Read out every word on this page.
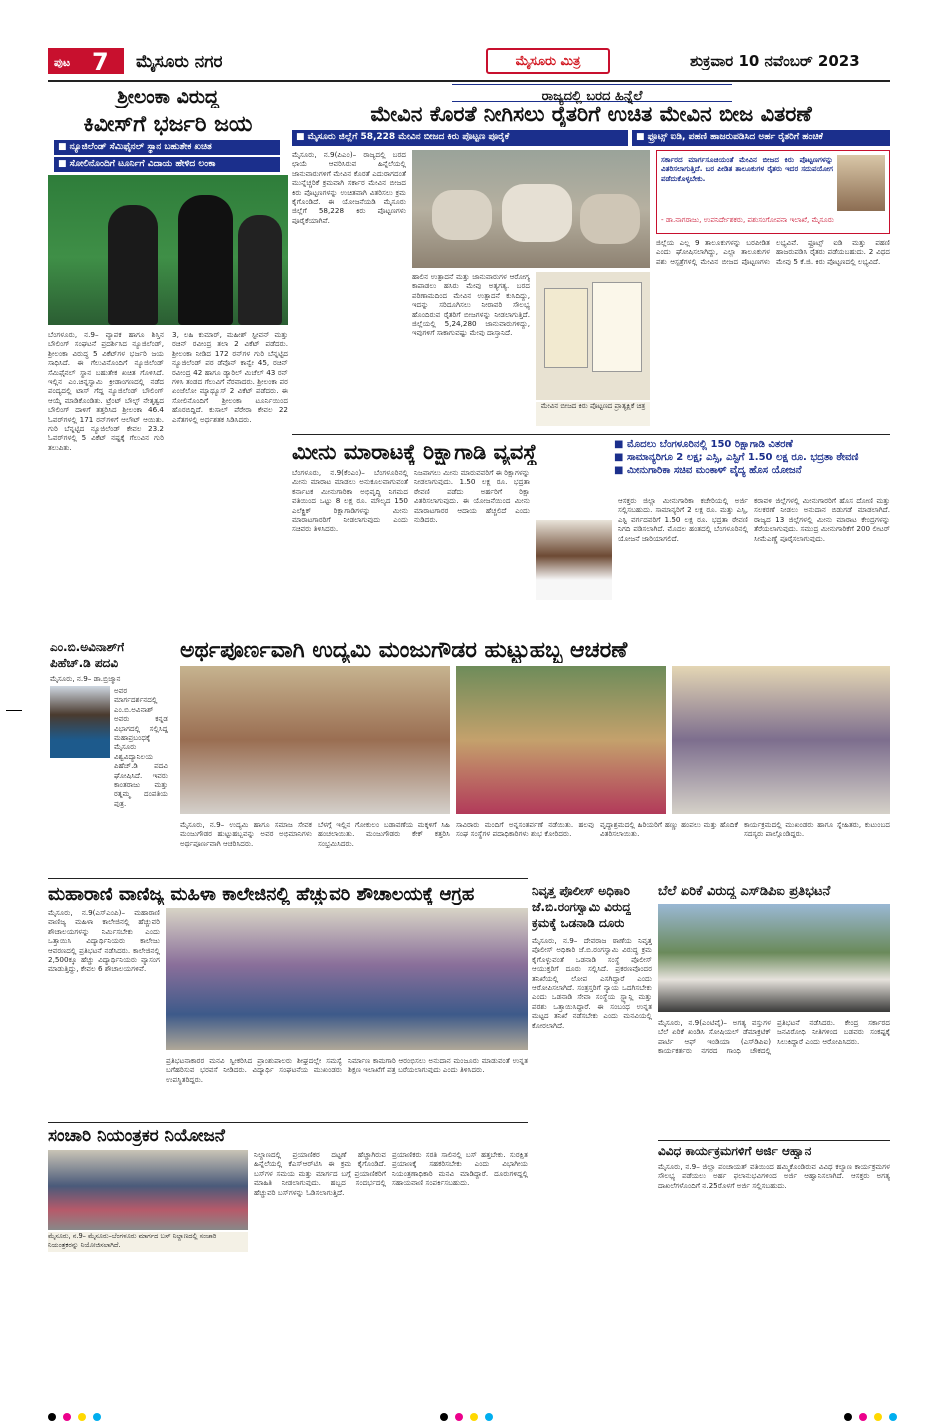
ಪುಟ 7 ಮೈಸೂರು ನಗರ	ಮೈಸೂರು ಮಿತ್ರ	ಶುಕ್ರವಾರ 10 ನವೆಂಬರ್ 2023
ಶ್ರೀಲಂಕಾ ವಿರುದ್ಧ
ಕಿವೀಸ್‌ಗೆ ಭರ್ಜರಿ ಜಯ
■ ನ್ಯೂಜಿಲೆಂಡ್ ಸೆಮಿಫೈನಲ್ ಸ್ಥಾನ ಬಹುತೇಕ ಖಚಿತ
■ ಸೋಲಿನೊಂದಿಗೆ ಟೂರ್ನಿಗೆ ವಿದಾಯ ಹೇಳಿದ ಲಂಕಾ
ಬೆಂಗಳೂರು, ನ.9– ವ್ಯಾಪಕ ಹಾಗೂ ಶಿಸ್ತಿನ ಬೌಲಿಂಗ್ ಸಂಘಟನೆ ಪ್ರದರ್ಶಿಸಿದ ನ್ಯೂಜಿಲೆಂಡ್, ಶ್ರೀಲಂಕಾ ವಿರುದ್ಧ 5 ವಿಕೆಟ್‌ಗಳ ಭರ್ಜರಿ ಜಯ ಸಾಧಿಸಿದೆ. ಈ ಗೆಲುವಿನೊಂದಿಗೆ ನ್ಯೂಜಿಲೆಂಡ್ ಸೆಮಿಫೈನಲ್ ಸ್ಥಾನ ಬಹುತೇಕ ಖಚಿತ ಗೊಳಿಸಿದೆ. ಇಲ್ಲಿನ ಎಂ.ಚಿನ್ನಸ್ವಾಮಿ ಕ್ರೀಡಾಂಗಣದಲ್ಲಿ ನಡೆದ ಪಂದ್ಯದಲ್ಲಿ ಟಾಸ್ ಗೆದ್ದ ನ್ಯೂಜಿಲೆಂಡ್ ಬೌಲಿಂಗ್ ಆಯ್ಕೆ ಮಾಡಿಕೊಂಡಿತು. ಟ್ರೆಂಟ್ ಬೌಲ್ಟ್ ನೇತೃತ್ವದ ಬೌಲಿಂಗ್ ದಾಳಿಗೆ ತತ್ತರಿಸಿದ ಶ್ರೀಲಂಕಾ 46.4 ಓವರ್‌ಗಳಲ್ಲಿ 171 ರನ್‌ಗಳಿಗೆ ಆಲೌಟ್ ಆಯಿತು. ಗುರಿ ಬೆನ್ನಟ್ಟಿದ ನ್ಯೂಜಿಲೆಂಡ್ ಕೇವಲ 23.2 ಓವರ್‌ಗಳಲ್ಲಿ 5 ವಿಕೆಟ್ ನಷ್ಟಕ್ಕೆ ಗೆಲುವಿನ ಗುರಿ ತಲುಪಿತು.
3, ಲಹಿ ಕುಮಾರ್, ಮಹೀಶ್ ಸ್ಟೀವನ್ ಮತ್ತು ರಚಿನ್ ರವೀಂದ್ರ ತಲಾ 2 ವಿಕೆಟ್ ಪಡೆದರು. ಶ್ರೀಲಂಕಾ ನೀಡಿದ 172 ರನ್‌ಗಳ ಗುರಿ ಬೆನ್ನಟ್ಟಿದ ನ್ಯೂಜಿಲೆಂಡ್ ಪರ ಡೆವೊನ್ ಕಾನ್ವೇ 45, ರಚಿನ್ ರವೀಂದ್ರ 42 ಹಾಗೂ ಡ್ಯಾರಿಲ್ ಮಿಚೆಲ್ 43 ರನ್ ಗಳಿಸಿ ತಂಡದ ಗೆಲುವಿಗೆ ನೆರವಾದರು. ಶ್ರೀಲಂಕಾ ಪರ ಏಂಜೆಲೋ ಮ್ಯಾಥ್ಯೂಸ್ 2 ವಿಕೆಟ್ ಪಡೆದರು. ಈ ಸೋಲಿನೊಂದಿಗೆ ಶ್ರೀಲಂಕಾ ಟೂರ್ನಿಯಿಂದ ಹೊರಬಿದ್ದಿದೆ. ಕುಸಾಲ್ ಪೆರೇರಾ ಕೇವಲ 22 ಎಸೆತಗಳಲ್ಲಿ ಅರ್ಧಶತಕ ಸಿಡಿಸಿದರು.
ರಾಜ್ಯದಲ್ಲಿ ಬರದ ಹಿನ್ನೆಲೆ
ಮೇವಿನ ಕೊರತೆ ನೀಗಿಸಲು ರೈತರಿಗೆ ಉಚಿತ ಮೇವಿನ ಬೀಜ ವಿತರಣೆ
■ ಮೈಸೂರು ಜಿಲ್ಲೆಗೆ 58,228 ಮೇವಿನ ಬೀಜದ ಕಿರು ಪೊಟ್ಟಣ ಪೂರೈಕೆ	■ ಫ್ರೂಟ್ಸ್ ಐಡಿ, ಪಹಣಿ ಹಾಜರುಪಡಿಸಿದ ಅರ್ಹ ರೈತರಿಗೆ ಹಂಚಿಕೆ
ಮೈಸೂರು, ನ.9(ಪಿಎಂ)– ರಾಜ್ಯದಲ್ಲಿ ಬರದ ಛಾಯೆ ಆವರಿಸಿರುವ ಹಿನ್ನೆಲೆಯಲ್ಲಿ ಜಾನುವಾರುಗಳಿಗೆ ಮೇವಿನ ಕೊರತೆ ಎದುರಾಗದಂತೆ ಮುನ್ನೆಚ್ಚರಿಕೆ ಕ್ರಮವಾಗಿ ಸರ್ಕಾರ ಮೇವಿನ ಬೀಜದ ಕಿರು ಪೊಟ್ಟಣಗಳನ್ನು ಉಚಿತವಾಗಿ ವಿತರಿಸಲು ಕ್ರಮ ಕೈಗೊಂಡಿದೆ. ಈ ಯೋಜನೆಯಡಿ ಮೈಸೂರು ಜಿಲ್ಲೆಗೆ 58,228 ಕಿರು ಪೊಟ್ಟಣಗಳು ಪೂರೈಕೆಯಾಗಿವೆ.
ಹಾಲಿನ ಉತ್ಪಾದನೆ ಮತ್ತು ಜಾನುವಾರುಗಳ ಆರೋಗ್ಯ ಕಾಪಾಡಲು ಹಸಿರು ಮೇವು ಅತ್ಯಗತ್ಯ. ಬರದ ಪರಿಣಾಮದಿಂದ ಮೇವಿನ ಉತ್ಪಾದನೆ ಕುಸಿದಿದ್ದು, ಇದನ್ನು ಸರಿದೂಗಿಸಲು ನೀರಾವರಿ ಸೌಲಭ್ಯ ಹೊಂದಿರುವ ರೈತರಿಗೆ ಬೀಜಗಳನ್ನು ನೀಡಲಾಗುತ್ತಿದೆ. ಜಿಲ್ಲೆಯಲ್ಲಿ 5,24,280 ಜಾನುವಾರುಗಳಿದ್ದು, ಇವುಗಳಿಗೆ ಸಾಕಾಗುವಷ್ಟು ಮೇವು ದಾಸ್ತಾನಿದೆ.
ಮೇವಿನ ಬೀಜದ ಕಿರು ಪೊಟ್ಟಣದ ಪ್ರಾತ್ಯಕ್ಷಿಕೆ ಚಿತ್ರ
ಸರ್ಕಾರದ ಮಾರ್ಗಸೂಚಿಯಂತೆ ಮೇವಿನ ಬೀಜದ ಕಿರು ಪೊಟ್ಟಣಗಳನ್ನು ವಿತರಿಸಲಾಗುತ್ತಿದೆ. ಬರ ಪೀಡಿತ ತಾಲೂಕುಗಳ ರೈತರು ಇದರ ಸದುಪಯೋಗ ಪಡೆದುಕೊಳ್ಳಬೇಕು.
- ಡಾ.ನಾಗರಾಜು, ಉಪನಿರ್ದೇಶಕರು, ಪಶುಸಂಗೋಪನಾ ಇಲಾಖೆ, ಮೈಸೂರು
ಜಿಲ್ಲೆಯ ಎಲ್ಲ 9 ತಾಲೂಕುಗಳನ್ನು ಬರಪೀಡಿತ ಎಂದು ಘೋಷಿಸಲಾಗಿದ್ದು, ಎಲ್ಲಾ ತಾಲೂಕುಗಳ ಪಶು ಆಸ್ಪತ್ರೆಗಳಲ್ಲಿ ಮೇವಿನ ಬೀಜದ ಪೊಟ್ಟಣಗಳು ಲಭ್ಯವಿವೆ. ಫ್ರೂಟ್ಸ್ ಐಡಿ ಮತ್ತು ಪಹಣಿ ಹಾಜರುಪಡಿಸಿ ರೈತರು ಪಡೆಯಬಹುದು. 2 ವಿಧದ ಮೇವು 5 ಕೆ.ಜಿ. ಕಿರು ಪೊಟ್ಟಣದಲ್ಲಿ ಲಭ್ಯವಿದೆ.
ಮೀನು ಮಾರಾಟಕ್ಕೆ ರಿಕ್ಷಾಗಾಡಿ ವ್ಯವಸ್ಥೆ	■ ಮೊದಲು ಬೆಂಗಳೂರಿನಲ್ಲಿ 150 ರಿಕ್ಷಾಗಾಡಿ ವಿತರಣೆ
■ ಸಾಮಾನ್ಯರಿಗೂ 2 ಲಕ್ಷ; ಎಸ್ಸಿ, ಎಸ್ಟಿಗೆ 1.50 ಲಕ್ಷ ರೂ. ಭದ್ರತಾ ಠೇವಣಿ
■ ಮೀನುಗಾರಿಕಾ ಸಚಿವ ಮಂಕಾಳ್ ವೈದ್ಯ ಹೊಸ ಯೋಜನೆ
ಬೆಂಗಳೂರು, ನ.9(ಕೆಂಎಂ)– ಬೆಂಗಳೂರಿನಲ್ಲಿ ಮೀನು ಮಾರಾಟ ಮಾಡಲು ಅನುಕೂಲವಾಗುವಂತೆ ಕರ್ನಾಟಕ ಮೀನುಗಾರಿಕಾ ಅಭಿವೃದ್ಧಿ ನಿಗಮದ ವತಿಯಿಂದ ಒಟ್ಟು 8 ಲಕ್ಷ ರೂ. ಮೌಲ್ಯದ 150 ಎಲೆಕ್ಟ್ರಿಕ್ ರಿಕ್ಷಾಗಾಡಿಗಳನ್ನು ಮೀನು ಮಾರಾಟಗಾರರಿಗೆ ನೀಡಲಾಗುವುದು ಎಂದು ಸಚಿವರು ತಿಳಿಸಿದರು.
ನಿಜವಾಗಲು ಮೀನು ಮಾರುವವರಿಗೆ ಈ ರಿಕ್ಷಾಗಳನ್ನು ನೀಡಲಾಗುವುದು. 1.50 ಲಕ್ಷ ರೂ. ಭದ್ರತಾ ಠೇವಣಿ ಪಡೆದು ಅರ್ಹರಿಗೆ ರಿಕ್ಷಾ ವಿತರಿಸಲಾಗುವುದು. ಈ ಯೋಜನೆಯಿಂದ ಮೀನು ಮಾರಾಟಗಾರರ ಆದಾಯ ಹೆಚ್ಚಲಿದೆ ಎಂದು ನುಡಿದರು.
ಆಸಕ್ತರು ಜಿಲ್ಲಾ ಮೀನುಗಾರಿಕಾ ಕಚೇರಿಯಲ್ಲಿ ಅರ್ಜಿ ಸಲ್ಲಿಸಬಹುದು. ಸಾಮಾನ್ಯರಿಗೆ 2 ಲಕ್ಷ ರೂ. ಮತ್ತು ಎಸ್ಸಿ, ಎಸ್ಟಿ ವರ್ಗದವರಿಗೆ 1.50 ಲಕ್ಷ ರೂ. ಭದ್ರತಾ ಠೇವಣಿ ನಿಗದಿ ಪಡಿಸಲಾಗಿದೆ. ಮೊದಲ ಹಂತದಲ್ಲಿ ಬೆಂಗಳೂರಿನಲ್ಲಿ ಯೋಜನೆ ಜಾರಿಯಾಗಲಿದೆ.
ಕರಾವಳಿ ಜಿಲ್ಲೆಗಳಲ್ಲಿ ಮೀನುಗಾರರಿಗೆ ಹೊಸ ದೋಣಿ ಮತ್ತು ಸಲಕರಣೆ ನೀಡಲು ಅನುದಾನ ಬಿಡುಗಡೆ ಮಾಡಲಾಗಿದೆ. ರಾಜ್ಯದ 13 ಜಿಲ್ಲೆಗಳಲ್ಲಿ ಮೀನು ಮಾರಾಟ ಕೇಂದ್ರಗಳನ್ನು ತೆರೆಯಲಾಗುವುದು. ಸಮುದ್ರ ಮೀನುಗಾರಿಕೆಗೆ 200 ಲೀಟರ್ ಸೀಮೆಎಣ್ಣೆ ಪೂರೈಸಲಾಗುವುದು.
ಎಂ.ಬಿ.ಅವಿನಾಶ್‌ಗೆ
ಪಿಹೆಚ್.ಡಿ ಪದವಿ
ಮೈಸೂರು, ನ.9– ಡಾ.ಬ್ರಿಜ್ಮಾನ
ಅವರ ಮಾರ್ಗದರ್ಶನದಲ್ಲಿ ಎಂ.ಬಿ.ಅವಿನಾಶ್ ಅವರು ಕನ್ನಡ ವಿಭಾಗದಲ್ಲಿ ಸಲ್ಲಿಸಿದ್ದ ಮಹಾಪ್ರಬಂಧಕ್ಕೆ ಮೈಸೂರು ವಿಶ್ವವಿದ್ಯಾನಿಲಯ ಪಿಹೆಚ್.ಡಿ ಪದವಿ ಘೋಷಿಸಿದೆ. ಇವರು ಕಾಂತರಾಜು ಮತ್ತು ರತ್ನಮ್ಮ ದಂಪತಿಯ ಪುತ್ರ.
ಅರ್ಥಪೂರ್ಣವಾಗಿ ಉದ್ಯಮಿ ಮಂಜುಗೌಡರ ಹುಟ್ಟುಹಬ್ಬ ಆಚರಣೆ
ಮೈಸೂರು, ನ.9– ಉದ್ಯಮಿ ಹಾಗೂ ಸಮಾಜ ಸೇವಕ ಮಂಜುಗೌಡರ ಹುಟ್ಟುಹಬ್ಬವನ್ನು ಅವರ ಅಭಿಮಾನಿಗಳು ಅರ್ಥಪೂರ್ಣವಾಗಿ ಆಚರಿಸಿದರು.
ಬೆಳಗ್ಗೆ ಇಲ್ಲಿನ ಗೋಕುಲಂ ಬಡಾವಣೆಯ ಮಕ್ಕಳಿಗೆ ಸಿಹಿ ಹಂಚಲಾಯಿತು. ಮಂಜುಗೌಡರು ಕೇಕ್ ಕತ್ತರಿಸಿ ಸಂಭ್ರಮಿಸಿದರು.
ಸಾವಿರಾರು ಮಂದಿಗೆ ಅನ್ನಸಂತರ್ಪಣೆ ನಡೆಯಿತು. ಹಲವು ಸಂಘ ಸಂಸ್ಥೆಗಳ ಪದಾಧಿಕಾರಿಗಳು ಶುಭ ಕೋರಿದರು.
ವೃದ್ಧಾಶ್ರಮದಲ್ಲಿ ಹಿರಿಯರಿಗೆ ಹಣ್ಣು ಹಂಪಲು ಮತ್ತು ಹೊದಿಕೆ ವಿತರಿಸಲಾಯಿತು.
ಕಾರ್ಯಕ್ರಮದಲ್ಲಿ ಮುಖಂಡರು ಹಾಗೂ ಸ್ನೇಹಿತರು, ಕುಟುಂಬದ ಸದಸ್ಯರು ಪಾಲ್ಗೊಂಡಿದ್ದರು.
ಮಹಾರಾಣಿ ವಾಣಿಜ್ಯ ಮಹಿಳಾ ಕಾಲೇಜಿನಲ್ಲಿ ಹೆಚ್ಚುವರಿ ಶೌಚಾಲಯಕ್ಕೆ ಆಗ್ರಹ
ಮೈಸೂರು, ನ.9(ಎಸ್‌ಎಂಪಿ)– ಮಹಾರಾಣಿ ವಾಣಿಜ್ಯ ಮಹಿಳಾ ಕಾಲೇಜಿನಲ್ಲಿ ಹೆಚ್ಚುವರಿ ಶೌಚಾಲಯಗಳನ್ನು ನಿರ್ಮಿಸಬೇಕು ಎಂದು ಒತ್ತಾಯಿಸಿ ವಿದ್ಯಾರ್ಥಿನಿಯರು ಕಾಲೇಜು ಆವರಣದಲ್ಲಿ ಪ್ರತಿಭಟನೆ ನಡೆಸಿದರು. ಕಾಲೇಜಿನಲ್ಲಿ 2,500ಕ್ಕೂ ಹೆಚ್ಚು ವಿದ್ಯಾರ್ಥಿನಿಯರು ವ್ಯಾಸಂಗ ಮಾಡುತ್ತಿದ್ದು, ಕೇವಲ 6 ಶೌಚಾಲಯಗಳಿವೆ.
ಪ್ರತಿಭಟನಾಕಾರರ ಮನವಿ ಸ್ವೀಕರಿಸಿದ ಪ್ರಾಂಶುಪಾಲರು ಶೀಘ್ರದಲ್ಲೇ ಸಮಸ್ಯೆ ಬಗೆಹರಿಸುವ ಭರವಸೆ ನೀಡಿದರು. ವಿದ್ಯಾರ್ಥಿ ಸಂಘಟನೆಯ ಮುಖಂಡರು ಉಪಸ್ಥಿತರಿದ್ದರು.
ನಿರ್ಮಾಣ ಕಾಮಗಾರಿ ಆರಂಭಿಸಲು ಅನುದಾನ ಮಂಜೂರು ಮಾಡುವಂತೆ ಉನ್ನತ ಶಿಕ್ಷಣ ಇಲಾಖೆಗೆ ಪತ್ರ ಬರೆಯಲಾಗುವುದು ಎಂದು ತಿಳಿಸಿದರು.
ನಿವೃತ್ತ ಪೊಲೀಸ್ ಅಧಿಕಾರಿ
ಜೆ.ಬಿ.ರಂಗಸ್ವಾಮಿ ವಿರುದ್ಧ
ಕ್ರಮಕ್ಕೆ ಒಡನಾಡಿ ದೂರು
ಮೈಸೂರು, ನ.9– ದೇವರಾಜ ಠಾಣೆಯ ನಿವೃತ್ತ ಪೊಲೀಸ್ ಅಧಿಕಾರಿ ಜೆ.ಬಿ.ರಂಗಸ್ವಾಮಿ ವಿರುದ್ಧ ಕ್ರಮ ಕೈಗೊಳ್ಳುವಂತೆ ಒಡನಾಡಿ ಸಂಸ್ಥೆ ಪೊಲೀಸ್ ಆಯುಕ್ತರಿಗೆ ದೂರು ಸಲ್ಲಿಸಿದೆ. ಪ್ರಕರಣವೊಂದರ ತನಿಖೆಯಲ್ಲಿ ಲೋಪ ಎಸಗಿದ್ದಾರೆ ಎಂದು ಆರೋಪಿಸಲಾಗಿದೆ. ಸಂತ್ರಸ್ತರಿಗೆ ನ್ಯಾಯ ಒದಗಿಸಬೇಕು ಎಂದು ಒಡನಾಡಿ ಸೇವಾ ಸಂಸ್ಥೆಯ ಸ್ಟ್ಯಾನ್ಲಿ ಮತ್ತು ಪರಶು ಒತ್ತಾಯಿಸಿದ್ದಾರೆ. ಈ ಸಂಬಂಧ ಉನ್ನತ ಮಟ್ಟದ ತನಿಖೆ ನಡೆಸಬೇಕು ಎಂದು ಮನವಿಯಲ್ಲಿ ಕೋರಲಾಗಿದೆ.
ಬೆಲೆ ಏರಿಕೆ ವಿರುದ್ಧ ಎಸ್‌ಡಿಪಿಐ ಪ್ರತಿಭಟನೆ
ಮೈಸೂರು, ನ.9(ಎಂಟಿವೈ)– ಅಗತ್ಯ ವಸ್ತುಗಳ ಬೆಲೆ ಏರಿಕೆ ಖಂಡಿಸಿ ಸೋಷಿಯಲ್ ಡೆಮಾಕ್ರಟಿಕ್ ಪಾರ್ಟಿ ಆಫ್ ಇಂಡಿಯಾ (ಎಸ್‌ಡಿಪಿಐ) ಕಾರ್ಯಕರ್ತರು ನಗರದ ಗಾಂಧಿ ಚೌಕದಲ್ಲಿ ಪ್ರತಿಭಟನೆ ನಡೆಸಿದರು. ಕೇಂದ್ರ ಸರ್ಕಾರದ ಜನವಿರೋಧಿ ನೀತಿಗಳಿಂದ ಬಡವರು ಸಂಕಷ್ಟಕ್ಕೆ ಸಿಲುಕಿದ್ದಾರೆ ಎಂದು ಆರೋಪಿಸಿದರು.
ವಿವಿಧ ಕಾರ್ಯಕ್ರಮಗಳಿಗೆ ಅರ್ಜಿ ಆಹ್ವಾನ
ಮೈಸೂರು, ನ.9– ಜಿಲ್ಲಾ ಪಂಚಾಯತ್ ವತಿಯಿಂದ ಹಮ್ಮಿಕೊಂಡಿರುವ ವಿವಿಧ ಕಲ್ಯಾಣ ಕಾರ್ಯಕ್ರಮಗಳ ಸೌಲಭ್ಯ ಪಡೆಯಲು ಅರ್ಹ ಫಲಾನುಭವಿಗಳಿಂದ ಅರ್ಜಿ ಆಹ್ವಾನಿಸಲಾಗಿದೆ. ಆಸಕ್ತರು ಅಗತ್ಯ ದಾಖಲೆಗಳೊಂದಿಗೆ ನ.25ರೊಳಗೆ ಅರ್ಜಿ ಸಲ್ಲಿಸಬಹುದು.
ಸಂಚಾರಿ ನಿಯಂತ್ರಕರ ನಿಯೋಜನೆ
ಮೈಸೂರು, ನ.9– ಮೈಸೂರು–ಬೆಂಗಳೂರು ಮಾರ್ಗದ ಬಸ್ ನಿಲ್ದಾಣದಲ್ಲಿ ಸಂಚಾರಿ ನಿಯಂತ್ರಕರನ್ನು ನಿಯೋಜಿಸಲಾಗಿದೆ.
ನಿಲ್ದಾಣದಲ್ಲಿ ಪ್ರಯಾಣಿಕರ ದಟ್ಟಣೆ ಹೆಚ್ಚಾಗಿರುವ ಹಿನ್ನೆಲೆಯಲ್ಲಿ ಕೆಎಸ್‌ಆರ್‌ಟಿಸಿ ಈ ಕ್ರಮ ಕೈಗೊಂಡಿದೆ. ಬಸ್‌ಗಳ ಸಮಯ ಮತ್ತು ಮಾರ್ಗದ ಬಗ್ಗೆ ಪ್ರಯಾಣಿಕರಿಗೆ ಮಾಹಿತಿ ನೀಡಲಾಗುವುದು. ಹಬ್ಬದ ಸಂದರ್ಭದಲ್ಲಿ ಹೆಚ್ಚುವರಿ ಬಸ್‌ಗಳನ್ನು ಓಡಿಸಲಾಗುತ್ತಿದೆ.
ಪ್ರಯಾಣಿಕರು ಸರತಿ ಸಾಲಿನಲ್ಲಿ ಬಸ್ ಹತ್ತಬೇಕು. ಸುರಕ್ಷಿತ ಪ್ರಯಾಣಕ್ಕೆ ಸಹಕರಿಸಬೇಕು ಎಂದು ವಿಭಾಗೀಯ ನಿಯಂತ್ರಣಾಧಿಕಾರಿ ಮನವಿ ಮಾಡಿದ್ದಾರೆ. ದೂರುಗಳಿದ್ದಲ್ಲಿ ಸಹಾಯವಾಣಿ ಸಂಪರ್ಕಿಸಬಹುದು.
